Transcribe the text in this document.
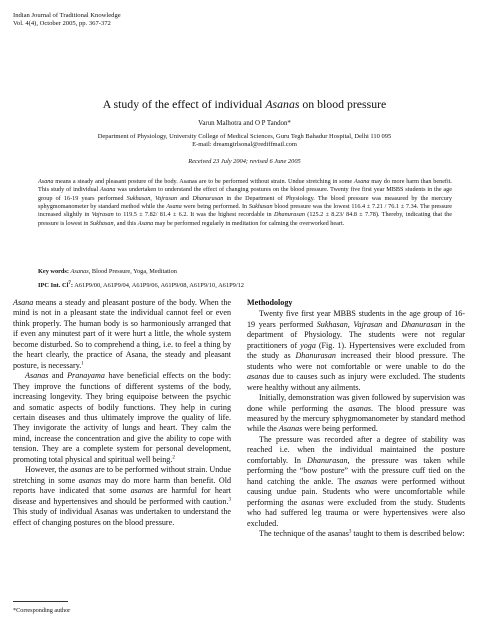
Indian Journal of Traditional Knowledge
Vol. 4(4), October 2005, pp. 367-372
A study of the effect of individual Asanas on blood pressure
Varun Malhotra and O P Tandon*
Department of Physiology, University College of Medical Sciences, Guru Tegh Bahadur Hospital, Delhi 110 095
E-mail: dreamgirlsonal@rediffmail.com
Received 23 July 2004; revised 6 June 2005
Asana means a steady and pleasant posture of the body. Asanas are to be performed without strain. Undue stretching in some Asana may do more harm than benefit. This study of individual Asana was undertaken to understand the effect of changing postures on the blood pressure. Twenty five first year MBBS students in the age group of 16-19 years performed Sukhasan, Vajrasan and Dhanurasan in the Department of Physiology. The blood pressure was measured by the mercury sphygmomanometer by standard method while the Asana were being performed. In Sukhasan blood pressure was the lowest 116.4 ± 7.21 / 76.1 ± 7.34. The pressure increased slightly in Vajrasan to 119.5 ± 7.82/ 81.4 ± 6.2. It was the highest recordable in Dhanurasan (125.2 ± 8.23/ 84.8 ± 7.78). Thereby, indicating that the pressure is lowest in Sukhasan, and this Asana may be performed regularly in meditation for calming the overworked heart.
Key words: Asanas, Blood Pressure, Yoga, Meditation
IPC Int. Cl$^7$: A61P9/00, A61P9/04, A61P9/06, A61P9/08, A61P9/10, A61P9/12

Asana means a steady and pleasant posture of the body. When the mind is not in a pleasant state the individual cannot feel or even think properly. The human body is so harmoniously arranged that if even any minutest part of it were hurt a little, the whole system become disturbed. So to comprehend a thing, i.e. to feel a thing by the heart clearly, the practice of Asana, the steady and pleasant posture, is necessary.$^1$

Asanas and Pranayama have beneficial effects on the body: They improve the functions of different systems of the body, increasing longevity. They bring equipoise between the psychic and somatic aspects of bodily functions. They help in curing certain diseases and thus ultimately improve the quality of life. They invigorate the activity of lungs and heart. They calm the mind, increase the concentration and give the ability to cope with tension. They are a complete system for personal development, promoting total physical and spiritual well being.$^2$

However, the asanas are to be performed without strain. Undue stretching in some asanas may do more harm than benefit. Old reports have indicated that some asanas are harmful for heart disease and hypertensives and should be performed with caution.$^3$ This study of individual Asanas was undertaken to understand the effect of changing postures on the blood pressure.

Methodology

Twenty five first year MBBS students in the age group of 16-19 years performed Sukhasan, Vajrasan and Dhanurasan in the department of Physiology. The students were not regular practitioners of yoga (Fig. 1). Hypertensives were excluded from the study as Dhanurasan increased their blood pressure. The students who were not comfortable or were unable to do the asanas due to causes such as injury were excluded. The students were healthy without any ailments.

Initially, demonstration was given followed by supervision was done while performing the asanas. The blood pressure was measured by the mercury sphygmomanometer by standard method while the Asanas were being performed.

The pressure was recorded after a degree of stability was reached i.e. when the individual maintained the posture comfortably. In Dhanurasan, the pressure was taken while performing the “bow posture” with the pressure cuff tied on the hand catching the ankle. The asanas were performed without causing undue pain. Students who were uncomfortable while performing the asanas were excluded from the study. Students who had suffered leg trauma or were hypertensives were also excluded.

The technique of the asanas$^3$ taught to them is described below:

*Corresponding author
